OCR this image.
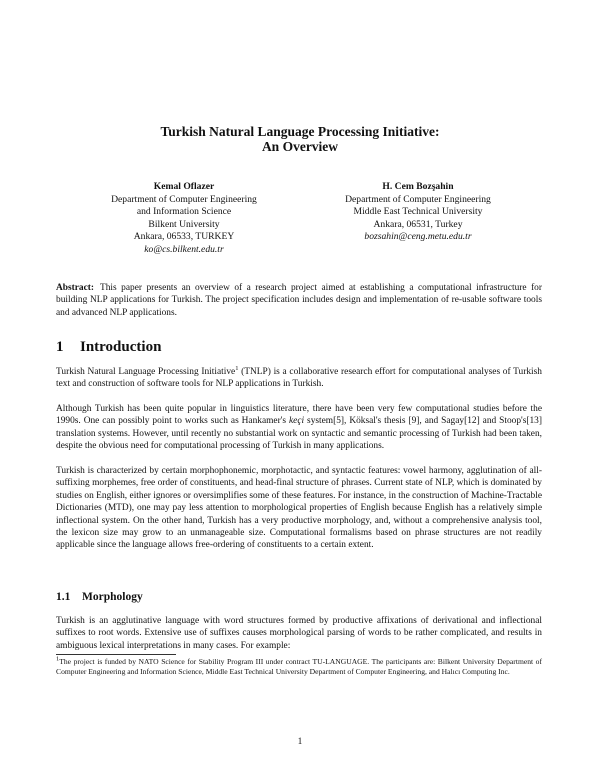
Turkish Natural Language Processing Initiative:
An Overview
Kemal Oflazer
Department of Computer Engineering
and Information Science
Bilkent University
Ankara, 06533, TURKEY
ko@cs.bilkent.edu.tr
H. Cem Bozşahin
Department of Computer Engineering
Middle East Technical University
Ankara, 06531, Turkey
bozsahin@ceng.metu.edu.tr
Abstract: This paper presents an overview of a research project aimed at establishing a computational infrastructure for building NLP applications for Turkish. The project specification includes design and implementation of re-usable software tools and advanced NLP applications.
1 Introduction

Turkish Natural Language Processing Initiative$^1$ (TNLP) is a collaborative research effort for computational analyses of Turkish text and construction of software tools for NLP applications in Turkish.

Although Turkish has been quite popular in linguistics literature, there have been very few computational studies before the 1990s. One can possibly point to works such as Hankamer's keçi system[5], Köksal's thesis [9], and Sagay[12] and Stoop's[13] translation systems. However, until recently no substantial work on syntactic and semantic processing of Turkish had been taken, despite the obvious need for computational processing of Turkish in many applications.

Turkish is characterized by certain morphophonemic, morphotactic, and syntactic features: vowel harmony, agglutination of all-suffixing morphemes, free order of constituents, and head-final structure of phrases. Current state of NLP, which is dominated by studies on English, either ignores or oversimplifies some of these features. For instance, in the construction of Machine-Tractable Dictionaries (MTD), one may pay less attention to morphological properties of English because English has a relatively simple inflectional system. On the other hand, Turkish has a very productive morphology, and, without a comprehensive analysis tool, the lexicon size may grow to an unmanageable size. Computational formalisms based on phrase structures are not readily applicable since the language allows free-ordering of constituents to a certain extent.

1.1 Morphology

Turkish is an agglutinative language with word structures formed by productive affixations of derivational and inflectional suffixes to root words. Extensive use of suffixes causes morphological parsing of words to be rather complicated, and results in ambiguous lexical interpretations in many cases. For example:

$^1$The project is funded by NATO Science for Stability Program III under contract TU-LANGUAGE. The participants are: Bilkent University Department of Computer Engineering and Information Science, Middle East Technical University Department of Computer Engineering, and Halıcı Computing Inc.
1
